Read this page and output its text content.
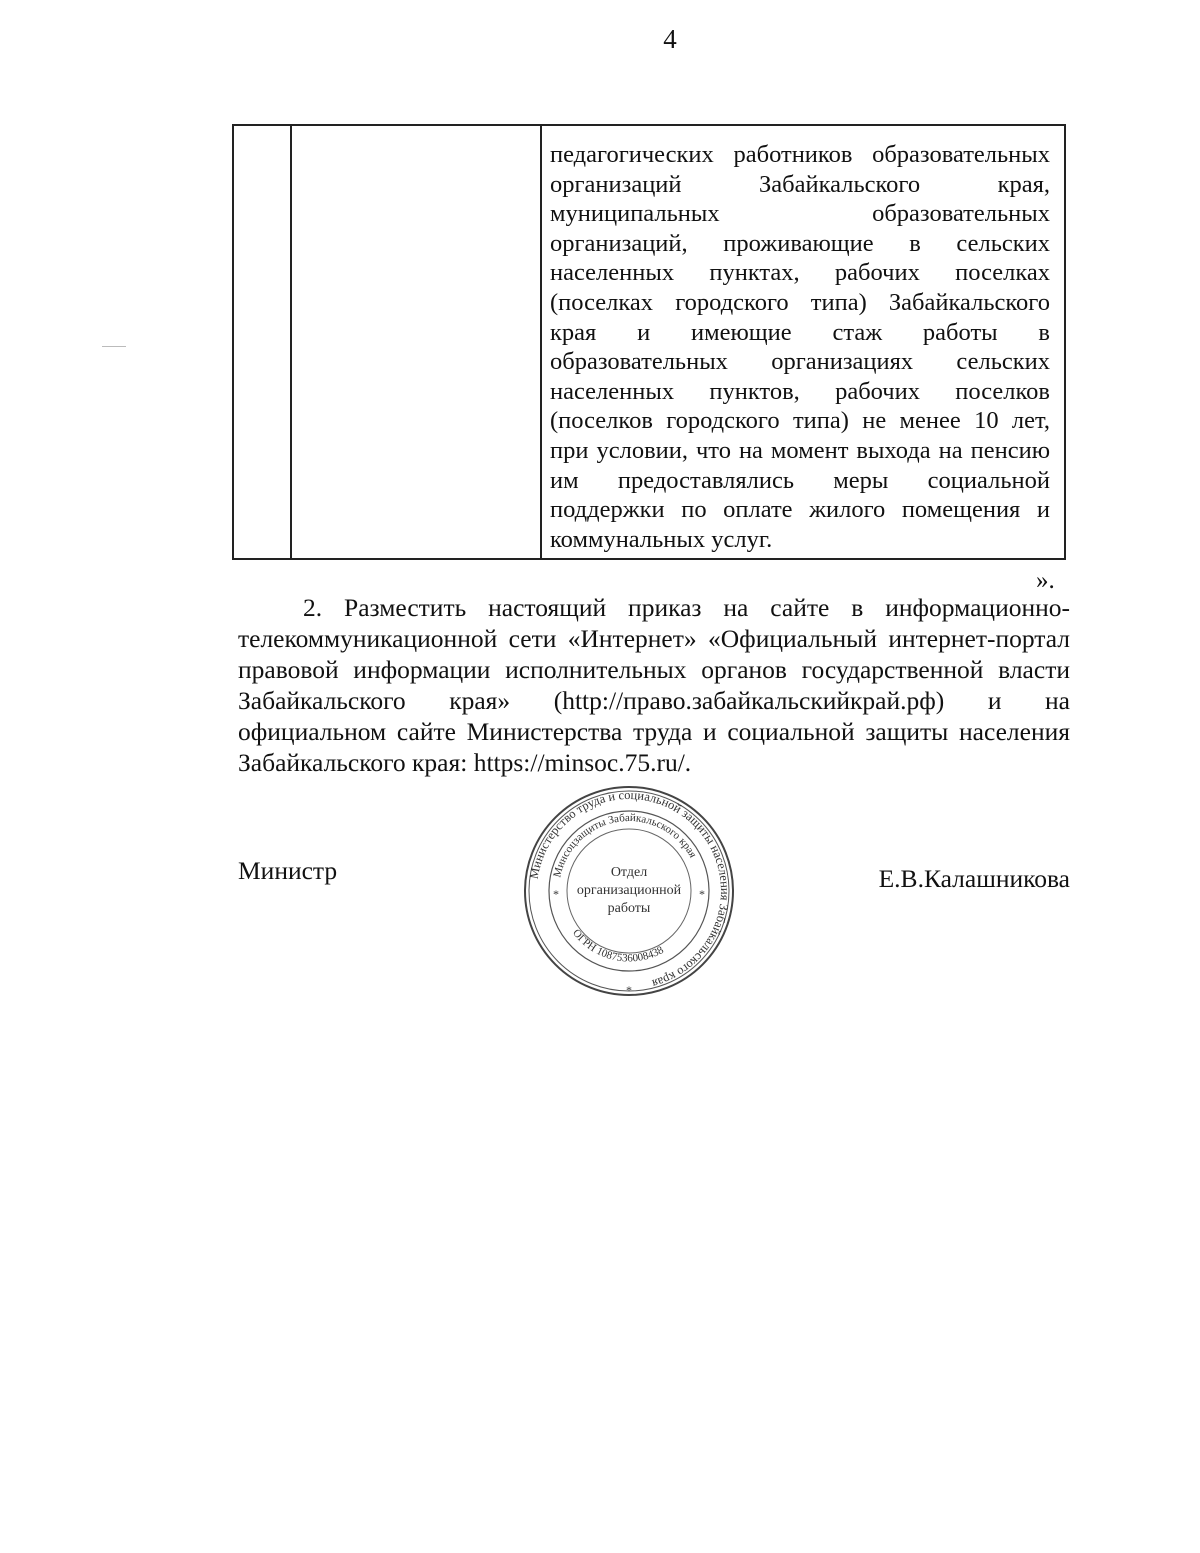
4
педагогических работников образовательных
организаций Забайкальского края,
муниципальных образовательных
организаций, проживающие в сельских
населенных пунктах, рабочих поселках
(поселках городского типа) Забайкальского
края и имеющие стаж работы в
образовательных организациях сельских
населенных пунктов, рабочих поселков
(поселков городского типа) не менее 10 лет,
при условии, что на момент выхода на пенсию
им предоставлялись меры социальной
поддержки по оплате жилого помещения и
коммунальных услуг.
».
2. Разместить настоящий приказ на сайте в информационно-
телекоммуникационной сети «Интернет» «Официальный интернет-портал
правовой информации исполнительных органов государственной власти
Забайкальского края» (http://право.забайкальскийкрай.рф) и на
официальном сайте Министерства труда и социальной защиты населения
Забайкальского края: https://minsoc.75.ru/.
Министр	Е.В.Калашникова
Министерство труда и социальной защиты населения Забайкальского края
Минсоцзащиты Забайкальского края
ОГРН 1087536008438
Отдел
организационной
работы
*	*
*
